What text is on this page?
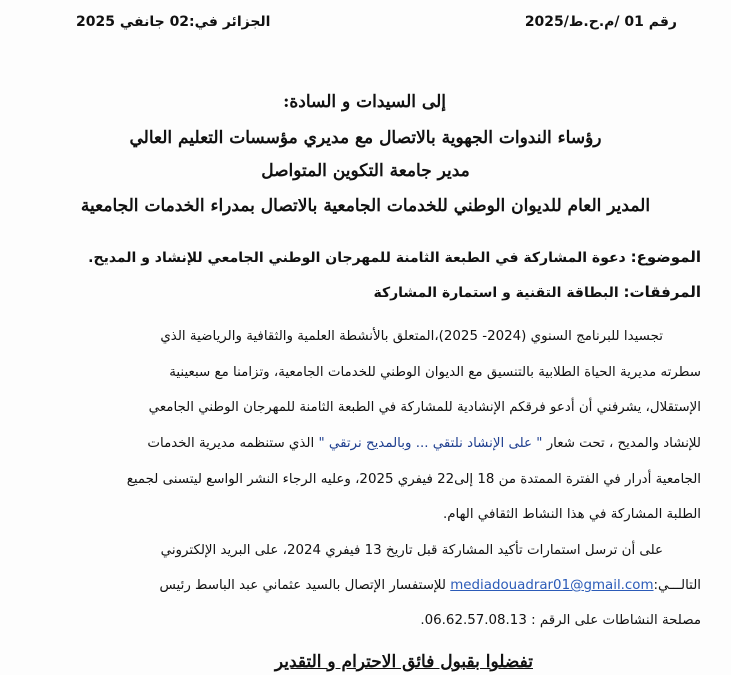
رقم 01 /م.ح.ط/2025
الجزائر في:02 جانفي 2025
إلى السيدات و السادة:
رؤساء الندوات الجهوية بالاتصال مع مديري مؤسسات التعليم العالي
مدير جامعة التكوين المتواصل
المدير العام للديوان الوطني للخدمات الجامعية بالاتصال بمدراء الخدمات الجامعية
الموضوع: دعوة المشاركة في الطبعة الثامنة للمهرجان الوطني الجامعي للإنشاد و المديح.
المرفقات: البطاقة التقنية و استمارة المشاركة
تجسيدا للبرنامج السنوي (2024- 2025)،المتعلق بالأنشطة العلمية والثقافية والرياضية الذي
سطرته مديرية الحياة الطلابية بالتنسيق مع الديوان الوطني للخدمات الجامعية، وتزامنا مع سبعينية
الإستقلال، يشرفني أن أدعو فرقكم الإنشادية للمشاركة في الطبعة الثامنة للمهرجان الوطني الجامعي
للإنشاد والمديح ، تحت شعار " على الإنشاد نلتقي ... وبالمديح نرتقي " الذي ستنظمه مديرية الخدمات
الجامعية أدرار في الفترة الممتدة من 18 إلى22 فيفري 2025، وعليه الرجاء النشر الواسع ليتسنى لجميع
الطلبة المشاركة في هذا النشاط الثقافي الهام.
على أن ترسل استمارات تأكيد المشاركة قبل تاريخ 13 فيفري 2024، على البريد الإلكتروني
التالـــي:mediadouadrar01@gmail.com للإستفسار الإتصال بالسيد عثماني عبد الباسط رئيس
مصلحة النشاطات على الرقم : 06.62.57.08.13.
تفضلوا بقبول فائق الاحترام و التقدير
